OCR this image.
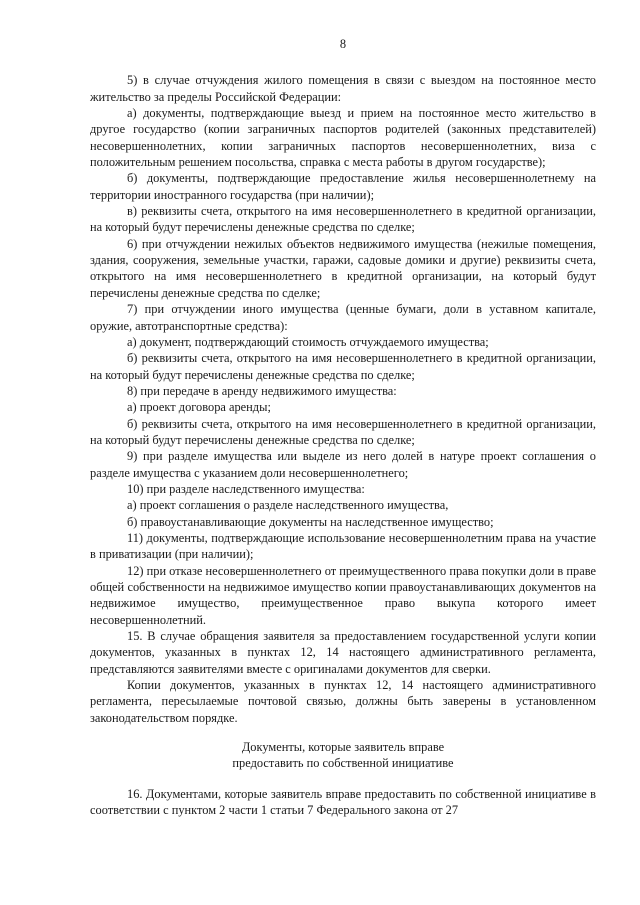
8

5) в случае отчуждения жилого помещения в связи с выездом на постоянное место жительство за пределы Российской Федерации:

а) документы, подтверждающие выезд и прием на постоянное место жительство в другое государство (копии заграничных паспортов родителей (законных представителей) несовершеннолетних, копии заграничных паспортов несовершеннолетних, виза с положительным решением посольства, справка с места работы в другом государстве);

б) документы, подтверждающие предоставление жилья несовершеннолетнему на территории иностранного государства (при наличии);

в) реквизиты счета, открытого на имя несовершеннолетнего в кредитной организации, на который будут перечислены денежные средства по сделке;

6) при отчуждении нежилых объектов недвижимого имущества (нежилые помещения, здания, сооружения, земельные участки, гаражи, садовые домики и другие) реквизиты счета, открытого на имя несовершеннолетнего в кредитной организации, на который будут перечислены денежные средства по сделке;

7) при отчуждении иного имущества (ценные бумаги, доли в уставном капитале, оружие, автотранспортные средства):

а) документ, подтверждающий стоимость отчуждаемого имущества;

б) реквизиты счета, открытого на имя несовершеннолетнего в кредитной организации, на который будут перечислены денежные средства по сделке;

8) при передаче в аренду недвижимого имущества:

а) проект договора аренды;

б) реквизиты счета, открытого на имя несовершеннолетнего в кредитной организации, на который будут перечислены денежные средства по сделке;

9) при разделе имущества или выделе из него долей в натуре проект соглашения о разделе имущества с указанием доли несовершеннолетнего;

10) при разделе наследственного имущества:

а) проект соглашения о разделе наследственного имущества,

б) правоустанавливающие документы на наследственное имущество;

11) документы, подтверждающие использование несовершеннолетним права на участие в приватизации (при наличии);

12) при отказе несовершеннолетнего от преимущественного права покупки доли в праве общей собственности на недвижимое имущество копии правоустанавливающих документов на недвижимое имущество, преимущественное право выкупа которого имеет несовершеннолетний.

15. В случае обращения заявителя за предоставлением государственной услуги копии документов, указанных в пунктах 12, 14 настоящего административного регламента, представляются заявителями вместе с оригиналами документов для сверки.

Копии документов, указанных в пунктах 12, 14 настоящего административного регламента, пересылаемые почтовой связью, должны быть заверены в установленном законодательством порядке.

Документы, которые заявитель вправе
предоставить по собственной инициативе

16. Документами, которые заявитель вправе предоставить по собственной инициативе в соответствии с пунктом 2 части 1 статьи 7 Федерального закона от 27
